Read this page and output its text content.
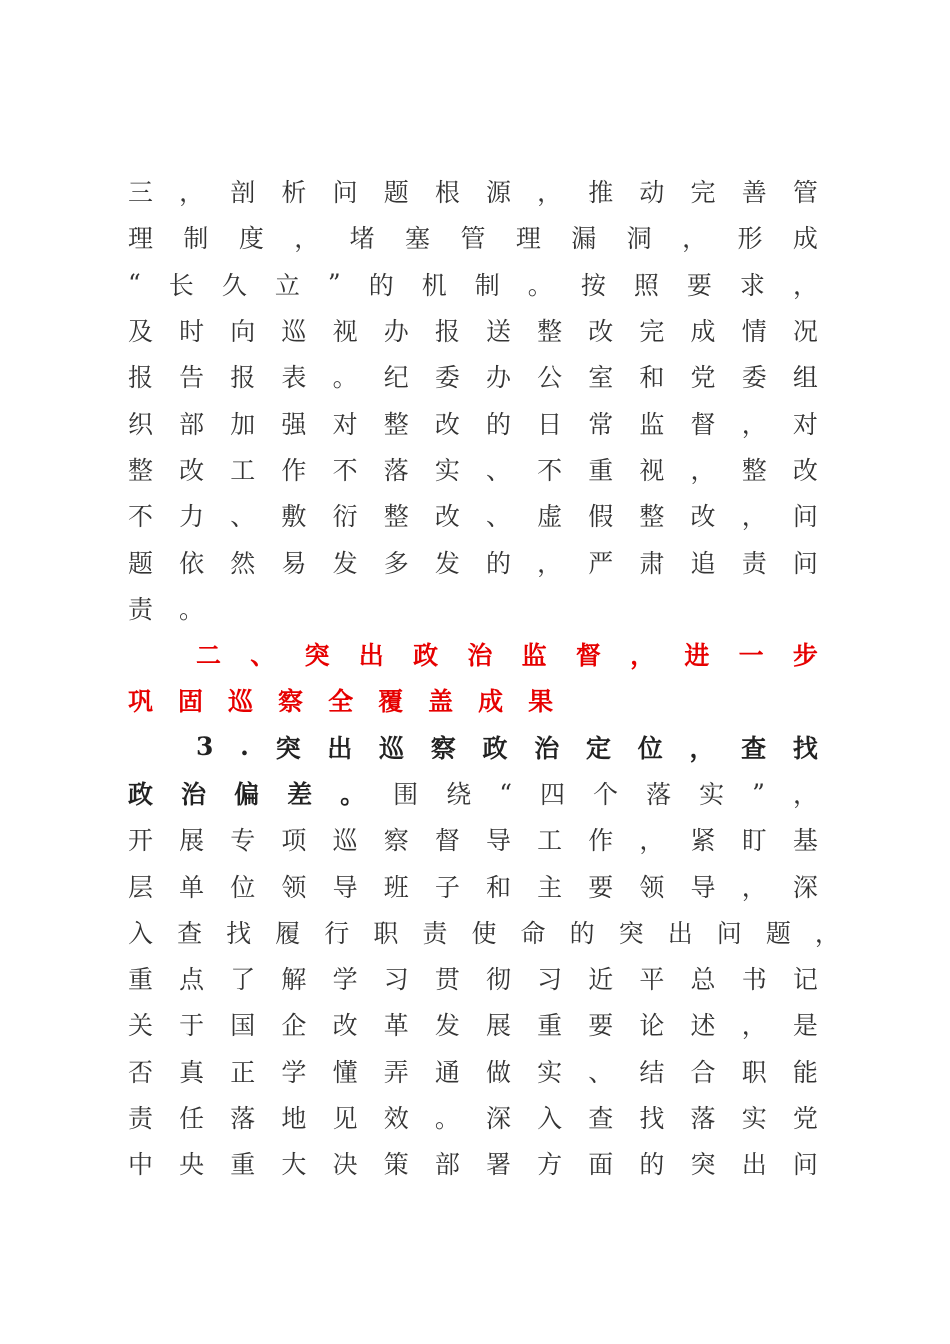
三 ， 剖 析 问 题 根 源 ， 推 动 完 善 管
理 制 度 ， 堵 塞 管 理 漏 洞 ， 形 成
“ 长 久 立 ” 的 机 制 。 按 照 要 求 ，
及 时 向 巡 视 办 报 送 整 改 完 成 情 况
报 告 报 表 。 纪 委 办 公 室 和 党 委 组
织 部 加 强 对 整 改 的 日 常 监 督 ， 对
整 改 工 作 不 落 实 、 不 重 视 ， 整 改
不 力 、 敷 衍 整 改 、 虚 假 整 改 ， 问
题 依 然 易 发 多 发 的 ， 严 肃 追 责 问
责 。
二 、 突 出 政 治 监 督 ， 进 一 步
巩 固 巡 察 全 覆 盖 成 果
3 . 突 出 巡 察 政 治 定 位 ， 查 找
政 治 偏 差 。 围 绕 “ 四 个 落 实 ” ，
开 展 专 项 巡 察 督 导 工 作 ， 紧 盯 基
层 单 位 领 导 班 子 和 主 要 领 导 ， 深
入 查 找 履 行 职 责 使 命 的 突 出 问 题 ，
重 点 了 解 学 习 贯 彻 习 近 平 总 书 记
关 于 国 企 改 革 发 展 重 要 论 述 ， 是
否 真 正 学 懂 弄 通 做 实 、 结 合 职 能
责 任 落 地 见 效 。 深 入 查 找 落 实 党
中 央 重 大 决 策 部 署 方 面 的 突 出 问
